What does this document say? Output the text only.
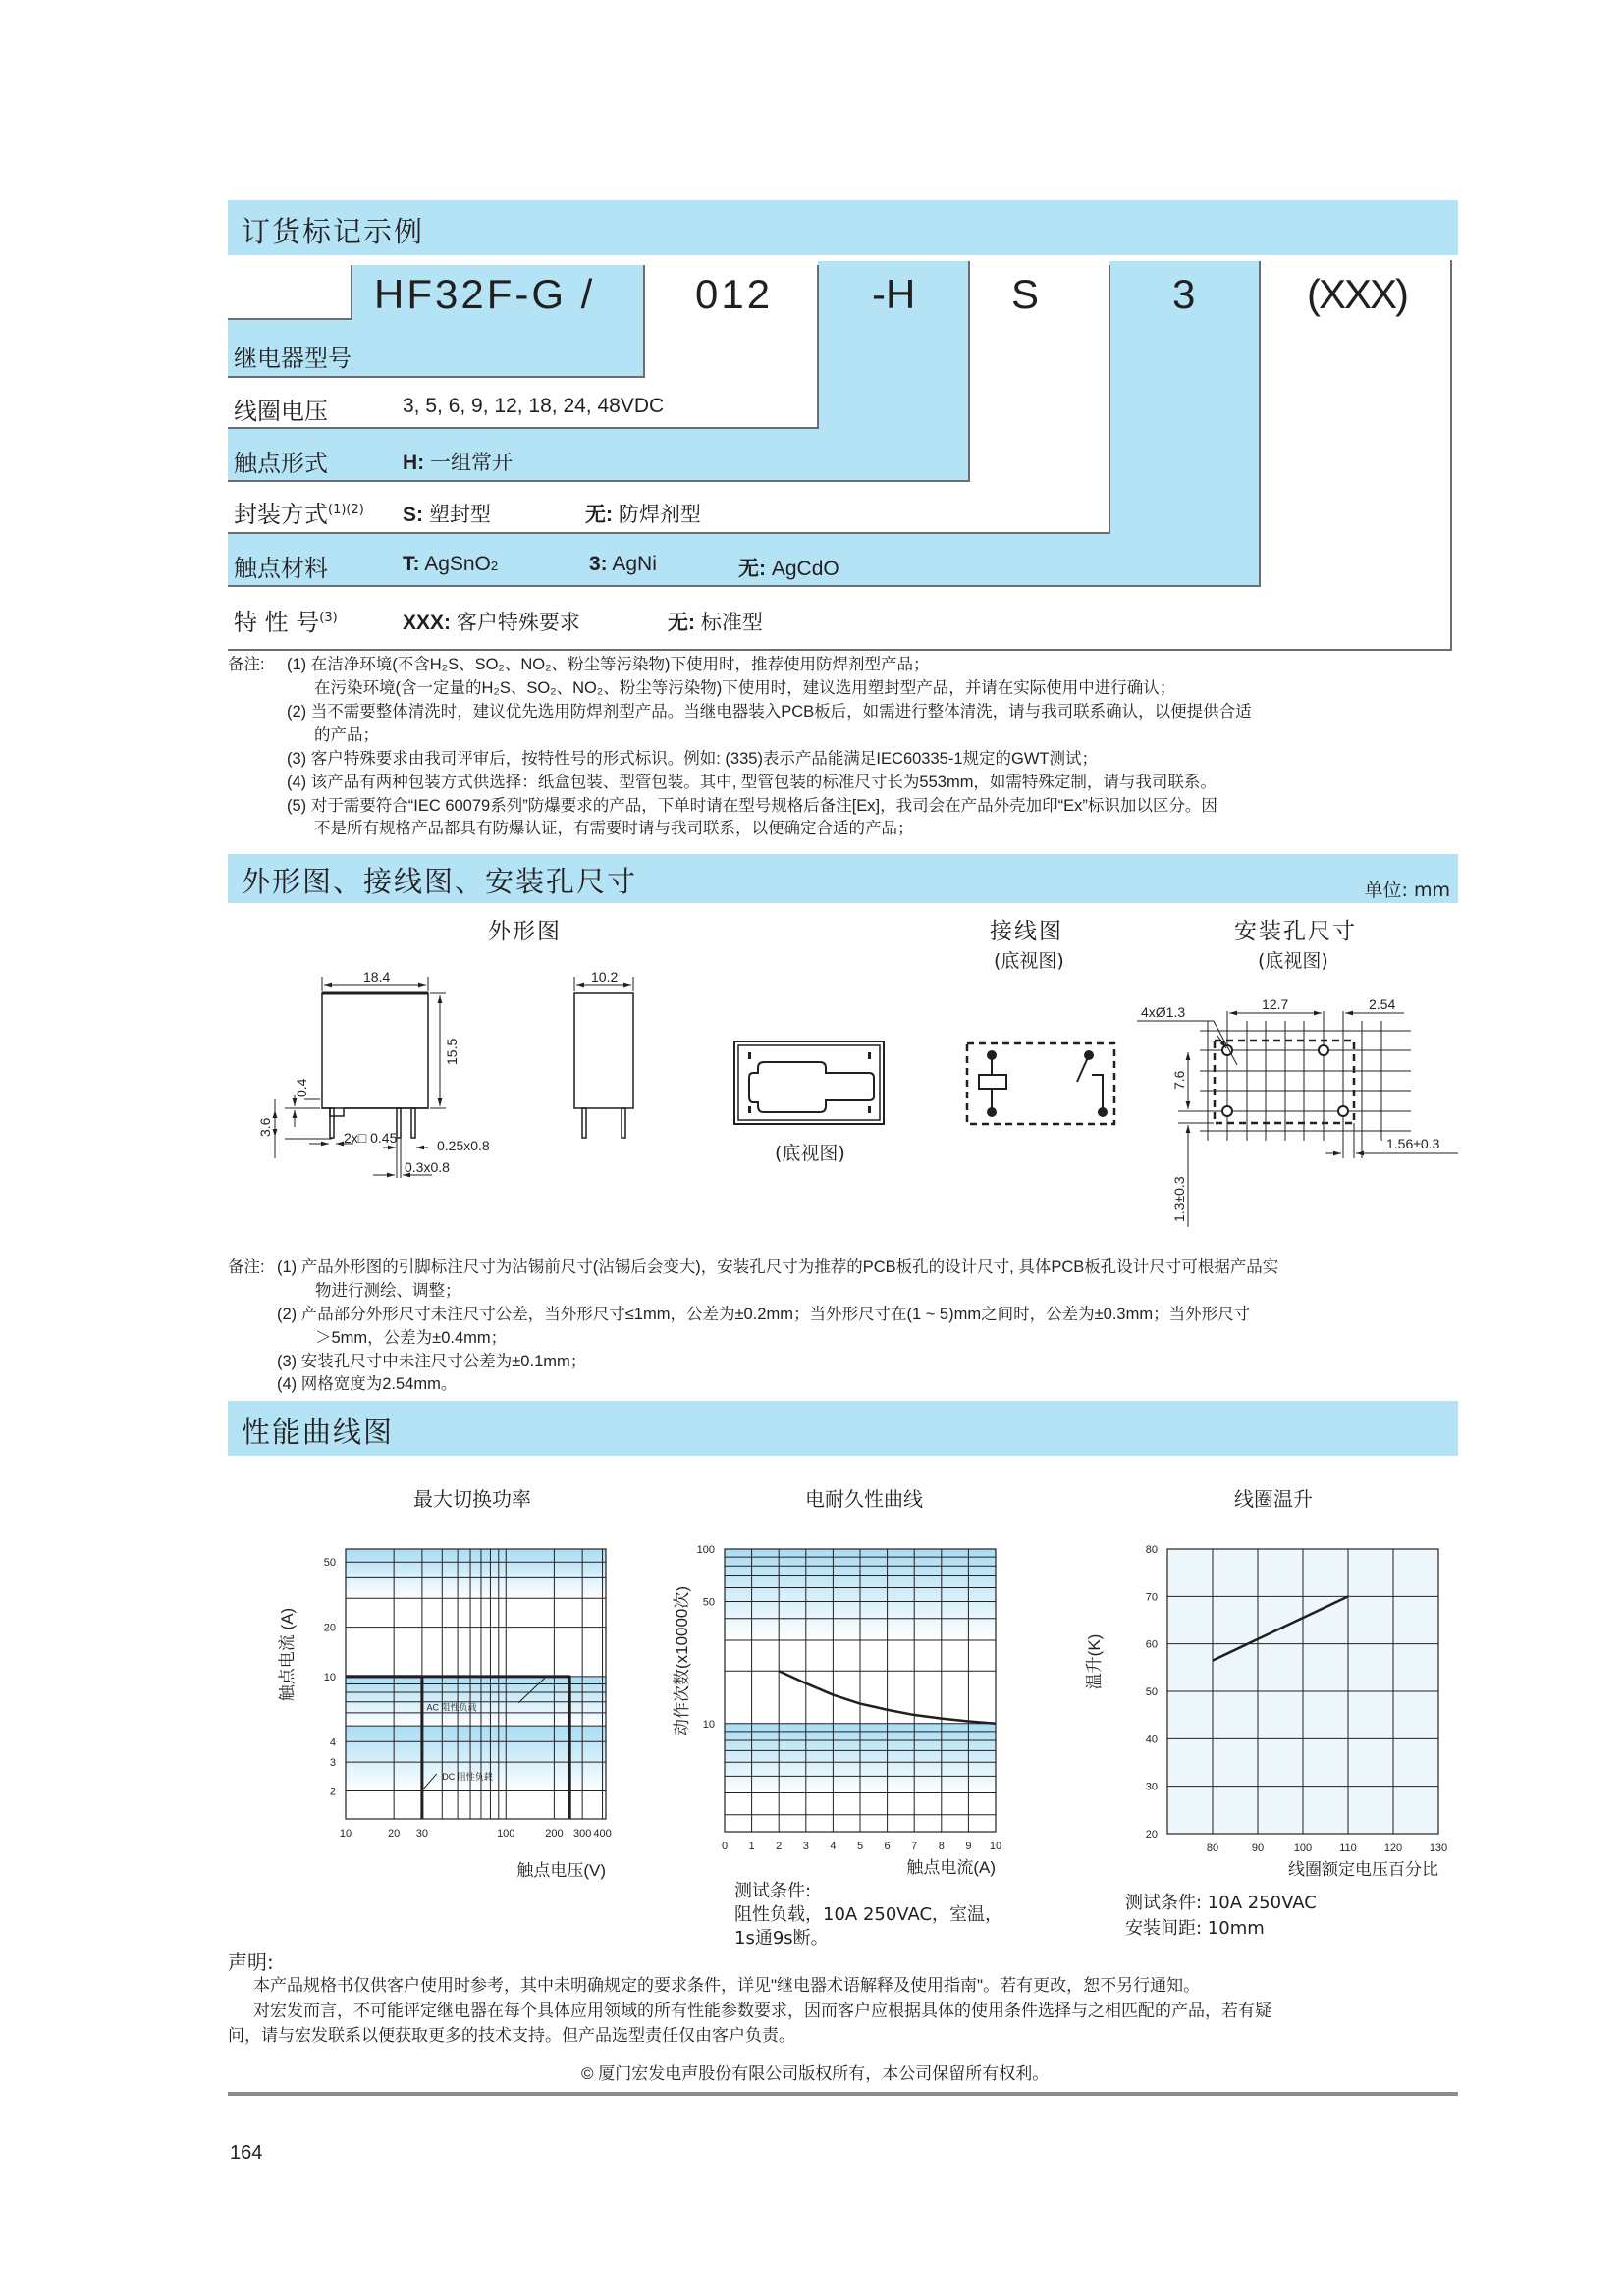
订货标记示例
HF32F-G / 012 -H S	3	(XXX)
继电器型号
线圈电压	3, 5, 6, 9, 12, 18, 24, 48VDC
触点形式	H: 一组常开
封装方式$^{(1)(2)}$ S: 塑封型	无: 防焊剂型
触点材料	T: AgSnO2	3: AgNi	无: AgCdO
特 性 号$^{(3)}$	XXX: 客户特殊要求	无: 标准型
备注: (1) 在洁净环境(不含H₂S、SO₂、NO₂、粉尘等污染物)下使用时，推荐使用防焊剂型产品；
在污染环境(含一定量的H₂S、SO₂、NO₂、粉尘等污染物)下使用时，建议选用塑封型产品，并请在实际使用中进行确认；
(2) 当不需要整体清洗时，建议优先选用防焊剂型产品。当继电器装入PCB板后，如需进行整体清洗，请与我司联系确认，以便提供合适
的产品；
(3) 客户特殊要求由我司评审后，按特性号的形式标识。例如: (335)表示产品能满足IEC60335-1规定的GWT测试；
(4) 该产品有两种包装方式供选择：纸盒包装、型管包装。其中, 型管包装的标准尺寸长为553mm，如需特殊定制，请与我司联系。
(5) 对于需要符合“IEC 60079系列”防爆要求的产品，下单时请在型号规格后备注[Ex]，我司会在产品外壳加印“Ex”标识加以区分。因
不是所有规格产品都具有防爆认证，有需要时请与我司联系，以便确定合适的产品；
外形图、接线图、安装孔尺寸	单位: mm
外形图	接线图
(底视图)
安装孔尺寸
(底视图)
18.4	10.2
15.5
0.4
3.6
2x□ 0.45	0.25x0.8
0.3x0.8
(底视图)
4xØ1.3	12.7	2.54
7.6
1.3±0.3
1.56±0.3
备注: (1) 产品外形图的引脚标注尺寸为沾锡前尺寸(沾锡后会变大)，安装孔尺寸为推荐的PCB板孔的设计尺寸, 具体PCB板孔设计尺寸可根据产品实
物进行测绘、调整；
(2) 产品部分外形尺寸未注尺寸公差，当外形尺寸≤1mm，公差为±0.2mm；当外形尺寸在(1 ~ 5)mm之间时，公差为±0.3mm；当外形尺寸
＞5mm，公差为±0.4mm；
(3) 安装孔尺寸中未注尺寸公差为±0.1mm；
(4) 网格宽度为2.54mm。
性能曲线图
最大切换功率	电耐久性曲线	线圈温升
10	20 30	100	200 300 400
2
3
4
10
20
50
触点电压(V)
触点电流 (A)
AC 阻性负载
DC 阻性负载
0 1 2 3 4 5 6 7 8 9 10
10
50
100
触点电流(A)
动作次数(x10000次)
80	90	100	110	120	130
20
30
40
50
60
70
80
线圈额定电压百分比
温升(K)
测试条件:
阻性负载，10A 250VAC，室温，
1s通9s断。
测试条件: 10A 250VAC
安装间距: 10mm
声明:
本产品规格书仅供客户使用时参考，其中未明确规定的要求条件，详见"继电器术语解释及使用指南"。若有更改，恕不另行通知。
对宏发而言，不可能评定继电器在每个具体应用领域的所有性能参数要求，因而客户应根据具体的使用条件选择与之相匹配的产品，若有疑
问，请与宏发联系以便获取更多的技术支持。但产品选型责任仅由客户负责。
© 厦门宏发电声股份有限公司版权所有，本公司保留所有权利。
164
